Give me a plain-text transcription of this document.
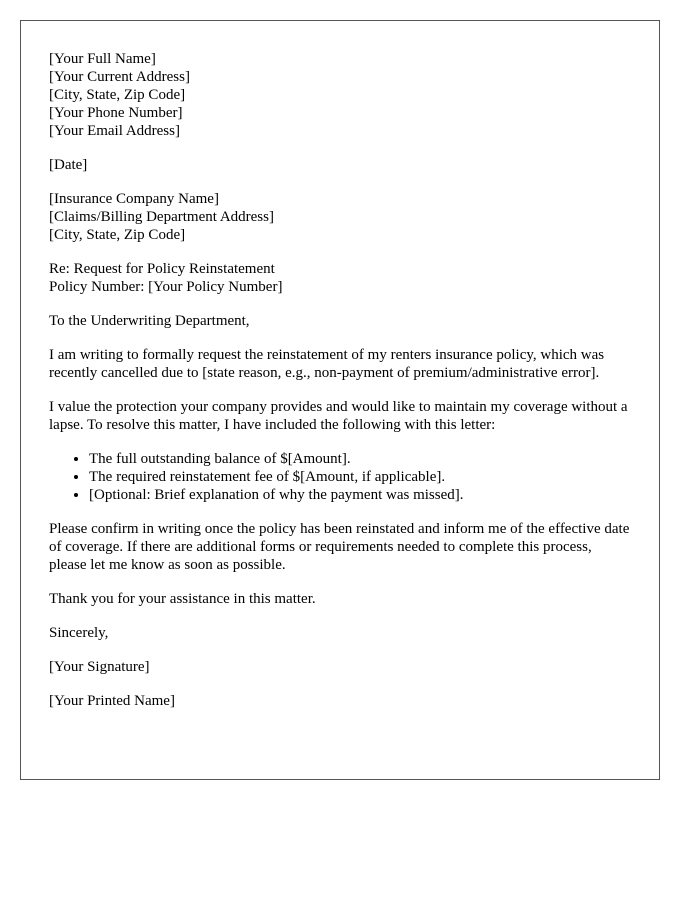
[Your Full Name]
[Your Current Address]
[City, State, Zip Code]
[Your Phone Number]
[Your Email Address]
[Date]
[Insurance Company Name]
[Claims/Billing Department Address]
[City, State, Zip Code]
Re: Request for Policy Reinstatement
Policy Number: [Your Policy Number]

To the Underwriting Department,

I am writing to formally request the reinstatement of my renters insurance policy, which was recently cancelled due to [state reason, e.g., non-payment of premium/administrative error].

I value the protection your company provides and would like to maintain my coverage without a lapse. To resolve this matter, I have included the following with this letter:

• The full outstanding balance of $[Amount].
• The required reinstatement fee of $[Amount, if applicable].
• [Optional: Brief explanation of why the payment was missed].

Please confirm in writing once the policy has been reinstated and inform me of the effective date of coverage. If there are additional forms or requirements needed to complete this process, please let me know as soon as possible.

Thank you for your assistance in this matter.

Sincerely,

[Your Signature]

[Your Printed Name]
